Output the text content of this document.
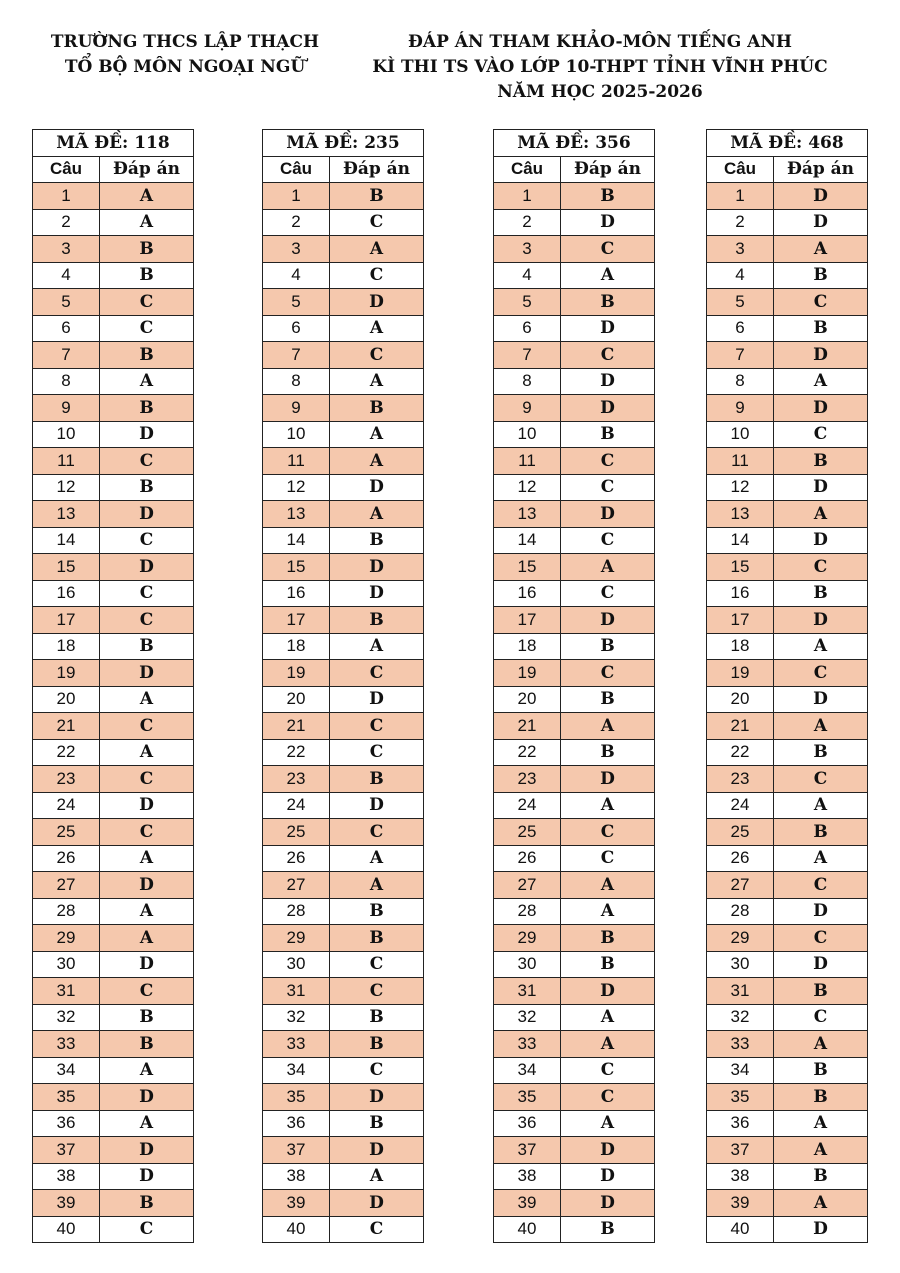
TRƯỜNG THCS LẬP THẠCH
TỔ BỘ MÔN NGOẠI NGỮ
ĐÁP ÁN THAM KHẢO-MÔN TIẾNG ANH
KÌ THI TS VÀO LỚP 10-THPT TỈNH VĨNH PHÚC
NĂM HỌC 2025-2026
MÃ ĐỀ: 118	
Câu	Đáp án
1	A
2	A
3	B
4	B
5	C
6	C
7	B
8	A
9	B
10	D
11	C
12	B
13	D
14	C
15	D
16	C
17	C
18	B
19	D
20	A
21	C
22	A
23	C
24	D
25	C
26	A
27	D
28	A
29	A
30	D
31	C
32	B
33	B
34	A
35	D
36	A
37	D
38	D
39	B
40	C
MÃ ĐỀ: 235	
Câu	Đáp án
1	B
2	C
3	A
4	C
5	D
6	A
7	C
8	A
9	B
10	A
11	A
12	D
13	A
14	B
15	D
16	D
17	B
18	A
19	C
20	D
21	C
22	C
23	B
24	D
25	C
26	A
27	A
28	B
29	B
30	C
31	C
32	B
33	B
34	C
35	D
36	B
37	D
38	A
39	D
40	C
MÃ ĐỀ: 356	
Câu	Đáp án
1	B
2	D
3	C
4	A
5	B
6	D
7	C
8	D
9	D
10	B
11	C
12	C
13	D
14	C
15	A
16	C
17	D
18	B
19	C
20	B
21	A
22	B
23	D
24	A
25	C
26	C
27	A
28	A
29	B
30	B
31	D
32	A
33	A
34	C
35	C
36	A
37	D
38	D
39	D
40	B
MÃ ĐỀ: 468	
Câu	Đáp án
1	D
2	D
3	A
4	B
5	C
6	B
7	D
8	A
9	D
10	C
11	B
12	D
13	A
14	D
15	C
16	B
17	D
18	A
19	C
20	D
21	A
22	B
23	C
24	A
25	B
26	A
27	C
28	D
29	C
30	D
31	B
32	C
33	A
34	B
35	B
36	A
37	A
38	B
39	A
40	D
